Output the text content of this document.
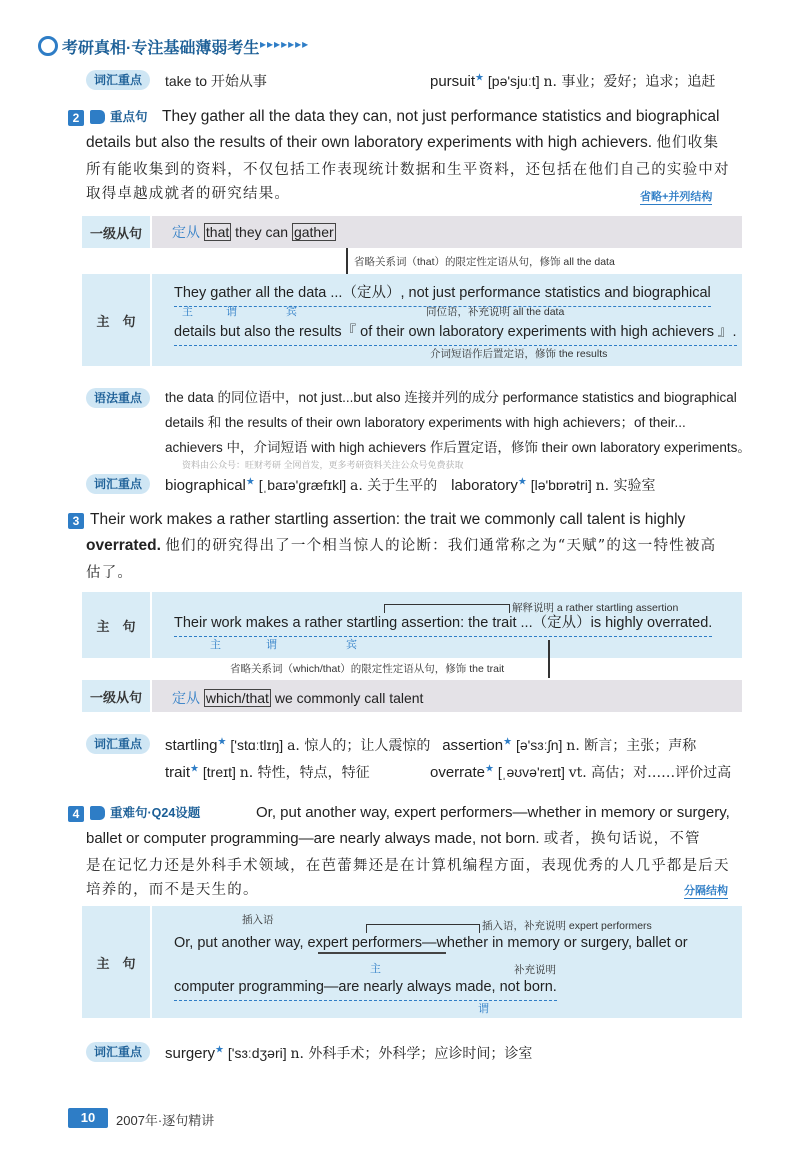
考研真相·专注基础薄弱考生 ▸▸▸▸▸▸▸
词汇重点	take to 开始从事	pursuit★ [pə'sjuːt] n. 事业；爱好；追求；追赶
2	重点句 They gather all the data they can, not just performance statistics and biographical
details but also the results of their own laboratory experiments with high achievers. 他们收集
所有能收集到的资料，不仅包括工作表现统计数据和生平资料，还包括在他们自己的实验中对
取得卓越成就者的研究结果。	省略+并列结构
一级从句	定从 that they can gather
省略关系词（that）的限定性定语从句，修饰 all the data
主　句
They gather all the data ...（定从）, not just performance statistics and biographical
主	谓	宾	同位语，补充说明 all the data
details but also the results『 of their own laboratory experiments with high achievers 』.
介词短语作后置定语，修饰 the results
语法重点	the data 的同位语中，not just...but also 连接并列的成分 performance statistics and biographical
details 和 the results of their own laboratory experiments with high achievers；of their...
achievers 中，介词短语 with high achievers 作后置定语，修饰 their own laboratory experiments。
资料由公众号：旺财考研 全网首发，更多考研资料关注公众号免费获取
词汇重点	biographical★ [ˌbaɪə'ɡræfɪkl] a. 关于生平的 laboratory★ [lə'bɒrətri] n. 实验室
3 Their work makes a rather startling assertion: the trait we commonly call talent is highly
overrated. 他们的研究得出了一个相当惊人的论断：我们通常称之为“天赋”的这一特性被高
估了。
主　句
解释说明 a rather startling assertion
Their work makes a rather startling assertion: the trait ...（定从）is highly overrated.
主	谓	宾
省略关系词（which/that）的限定性定语从句，修饰 the trait
一级从句	定从 which/that we commonly call talent
词汇重点	startling★ ['stɑːtlɪŋ] a. 惊人的；让人震惊的 assertion★ [ə'sɜːʃn] n. 断言；主张；声称
trait★ [treɪt] n. 特性，特点，特征	overrate★ [ˌəʊvə'reɪt] vt. 高估；对……评价过高
4	重难句·Q24设题	Or, put another way, expert performers—whether in memory or surgery,
ballet or computer programming—are nearly always made, not born. 或者，换句话说，不管
是在记忆力还是外科手术领域，在芭蕾舞还是在计算机编程方面，表现优秀的人几乎都是后天
培养的，而不是天生的。	分隔结构
主　句
插入语	插入语，补充说明 expert performers
Or, put another way, expert performers—whether in memory or surgery, ballet or
主	补充说明
computer programming—are nearly always made, not born.
谓
词汇重点	surgery★ ['sɜːdʒəri] n. 外科手术；外科学；应诊时间；诊室
10	2007年·逐句精讲
